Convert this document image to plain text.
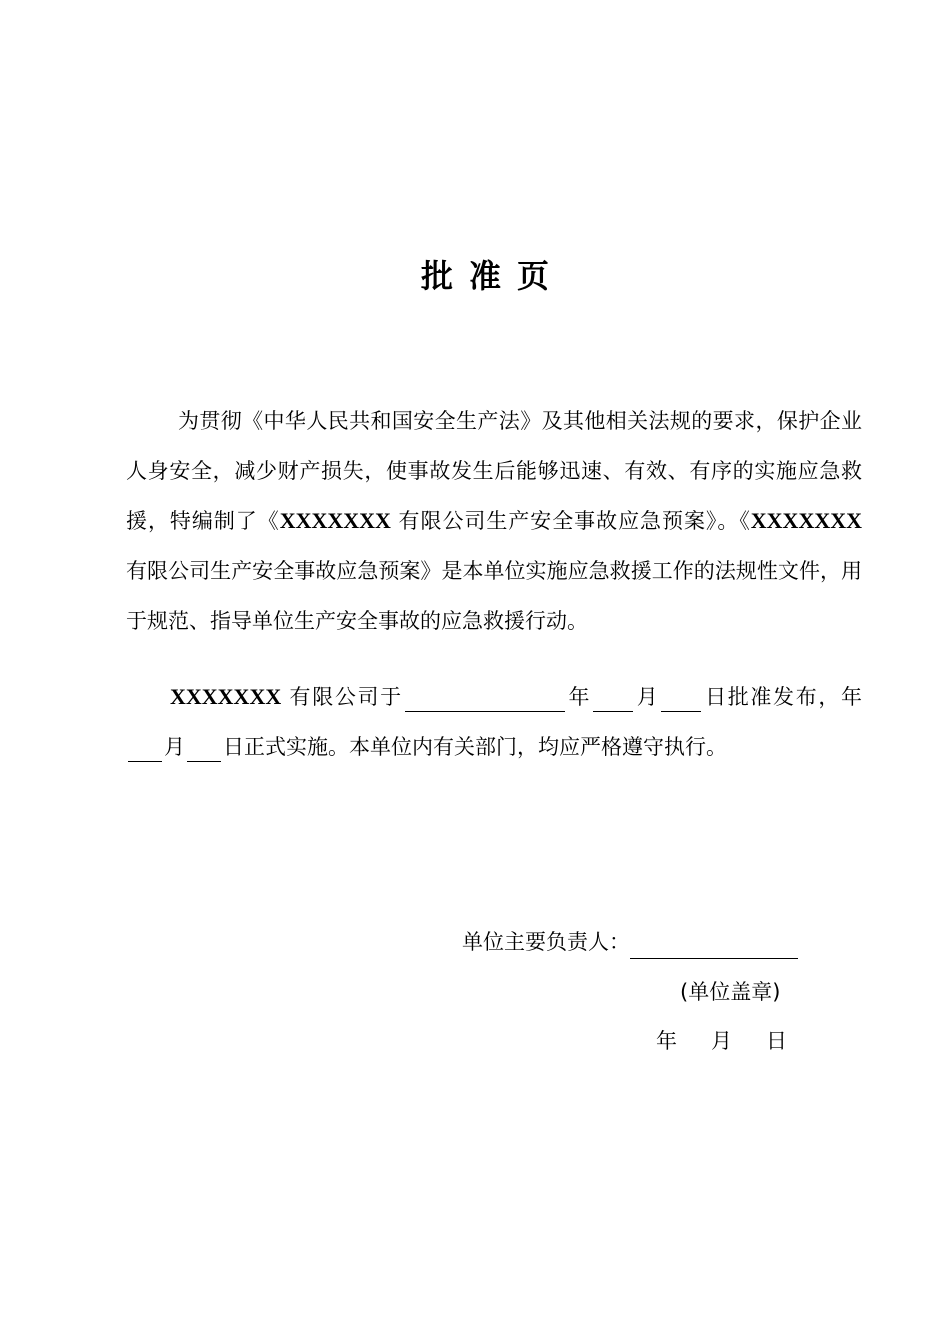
批准页
为贯彻《中华人民共和国安全生产法》及其他相关法规的要求，保护企业人身安全，减少财产损失，使事故发生后能够迅速、有效、有序的实施应急救援，特编制了《XXXXXXX 有限公司生产安全事故应急预案》。《XXXXXXX 有限公司生产安全事故应急预案》是本单位实施应急救援工作的法规性文件，用于规范、指导单位生产安全事故的应急救援行动。
XXXXXXX 有限公司于	年 月 日批准发布，年月 日正式实施。本单位内有关部门，均应严格遵守执行。
单位主要负责人：
(单位盖章)
年 月 日
